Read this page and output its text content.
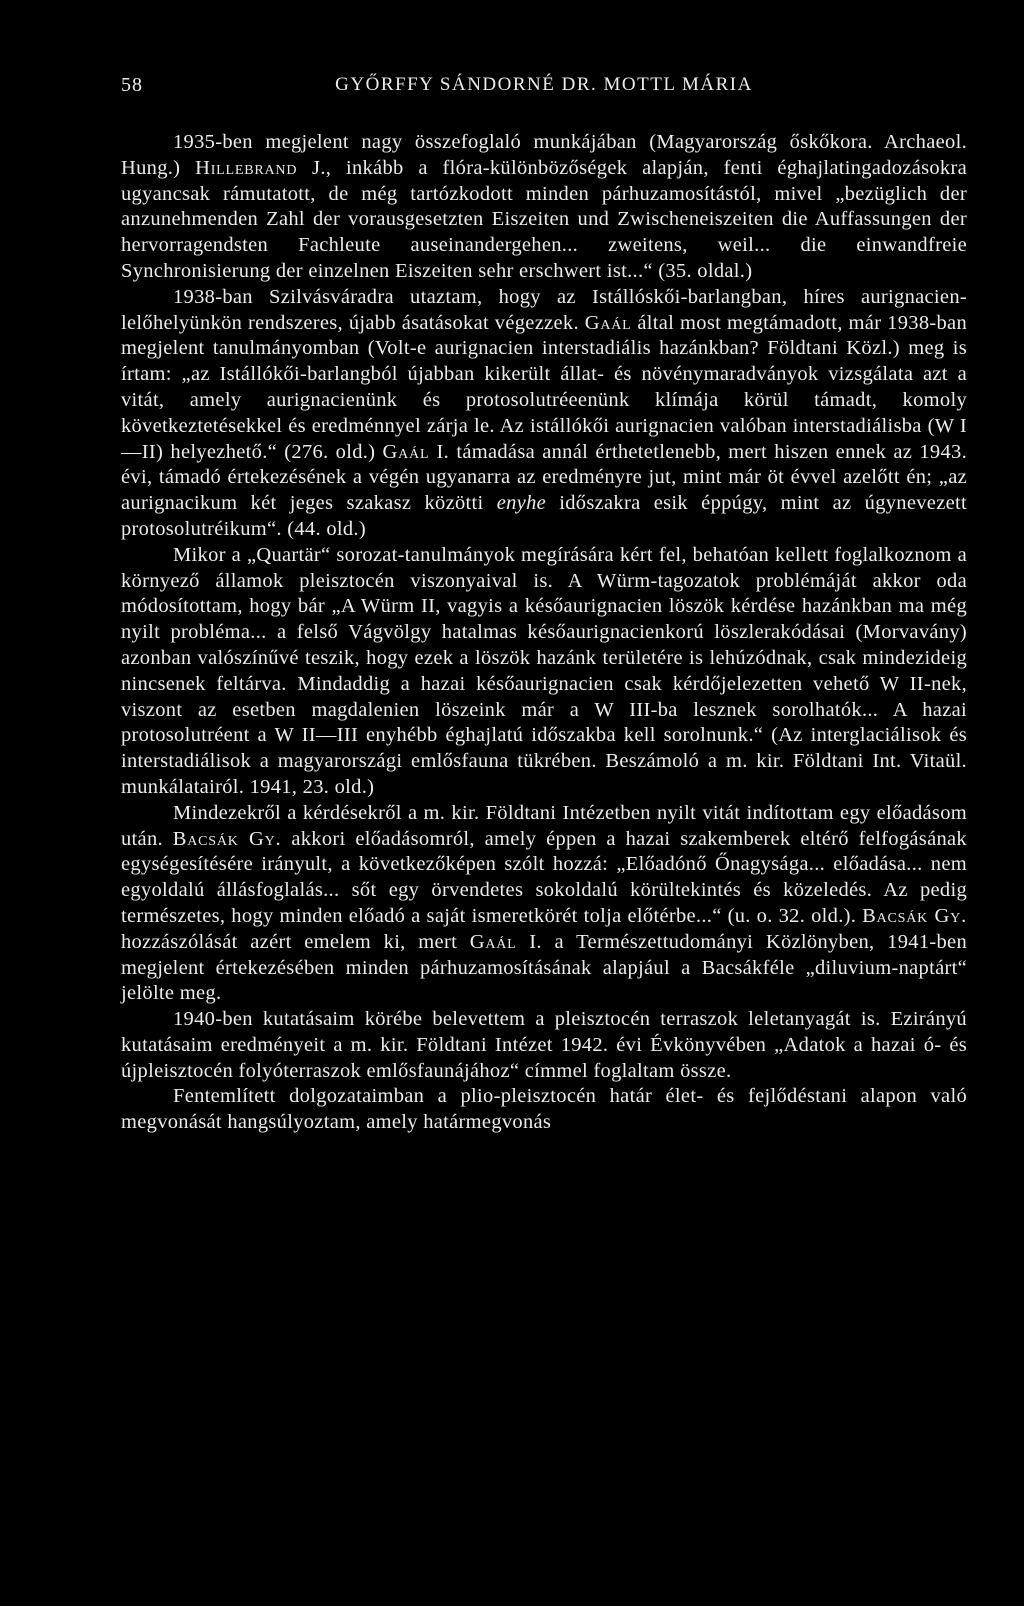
58	GYŐRFFY SÁNDORNÉ DR. MOTTL MÁRIA

1935-ben megjelent nagy összefoglaló munkájában (Magyarország őskőkora. Archaeol. Hung.) Hillebrand J., inkább a flóra-különbözőségek alapján, fenti éghajlatingadozásokra ugyancsak rámutatott, de még tartózkodott minden párhuzamosítástól, mivel „bezüglich der anzunehmenden Zahl der vorausgesetzten Eiszeiten und Zwischeneiszeiten die Auffassungen der hervorragendsten Fachleute auseinandergehen... zweitens, weil... die einwandfreie Synchronisierung der einzelnen Eiszeiten sehr erschwert ist...“ (35. oldal.)

1938-ban Szilvásváradra utaztam, hogy az Istállóskői-barlangban, híres aurignacien-lelőhelyünkön rendszeres, újabb ásatásokat végezzek. Gaál által most megtámadott, már 1938-ban megjelent tanulmányomban (Volt-e aurignacien interstadiális hazánkban? Földtani Közl.) meg is írtam: „az Istállókői-barlangból újabban kikerült állat- és növénymaradványok vizsgálata azt a vitát, amely aurignacienünk és protosolutréeenünk klímája körül támadt, komoly következtetésekkel és eredménnyel zárja le. Az istállókői aurignacien valóban interstadiálisba (W I—II) helyezhető.“ (276. old.) Gaál I. támadása annál érthetetlenebb, mert hiszen ennek az 1943. évi, támadó értekezésének a végén ugyanarra az eredményre jut, mint már öt évvel azelőtt én; „az aurignacikum két jeges szakasz közötti enyhe időszakra esik éppúgy, mint az úgynevezett protosolutréikum“. (44. old.)

Mikor a „Quartär“ sorozat-tanulmányok megírására kért fel, behatóan kellett foglalkoznom a környező államok pleisztocén viszonyaival is. A Würm-tagozatok problémáját akkor oda módosítottam, hogy bár „A Würm II, vagyis a későaurignacien löszök kérdése hazánkban ma még nyilt probléma... a felső Vágvölgy hatalmas későaurignacienkorú löszlerakódásai (Morvavány) azonban valószínűvé teszik, hogy ezek a löszök hazánk területére is lehúzódnak, csak mindezideig nincsenek feltárva. Mindaddig a hazai későaurignacien csak kérdőjelezetten vehető W II-nek, viszont az esetben magdalenien löszeink már a W III-ba lesznek sorolhatók... A hazai protosolutréent a W II—III enyhébb éghajlatú időszakba kell sorolnunk.“ (Az interglaciálisok és interstadiálisok a magyarországi emlősfauna tükrében. Beszámoló a m. kir. Földtani Int. Vitaül. munkálatairól. 1941, 23. old.)

Mindezekről a kérdésekről a m. kir. Földtani Intézetben nyilt vitát indítottam egy előadásom után. Bacsák Gy. akkori előadásomról, amely éppen a hazai szakemberek eltérő felfogásának egységesítésére irányult, a következőképen szólt hozzá: „Előadónő Őnagysága... előadása... nem egyoldalú állásfoglalás... sőt egy örvendetes sokoldalú körültekintés és közeledés. Az pedig természetes, hogy minden előadó a saját ismeretkörét tolja előtérbe...“ (u. o. 32. old.). Bacsák Gy. hozzászólását azért emelem ki, mert Gaál I. a Természettudományi Közlönyben, 1941-ben megjelent értekezésében minden párhuzamosításának alapjául a Bacsákféle „diluvium-naptárt“ jelölte meg.

1940-ben kutatásaim körébe belevettem a pleisztocén terraszok leletanyagát is. Ezirányú kutatásaim eredményeit a m. kir. Földtani Intézet 1942. évi Évkönyvében „Adatok a hazai ó- és újpleisztocén folyóterraszok emlősfaunájához“ címmel foglaltam össze.

Fentemlített dolgozataimban a plio-pleisztocén határ élet- és fejlődéstani alapon való megvonását hangsúlyoztam, amely határmegvonás
